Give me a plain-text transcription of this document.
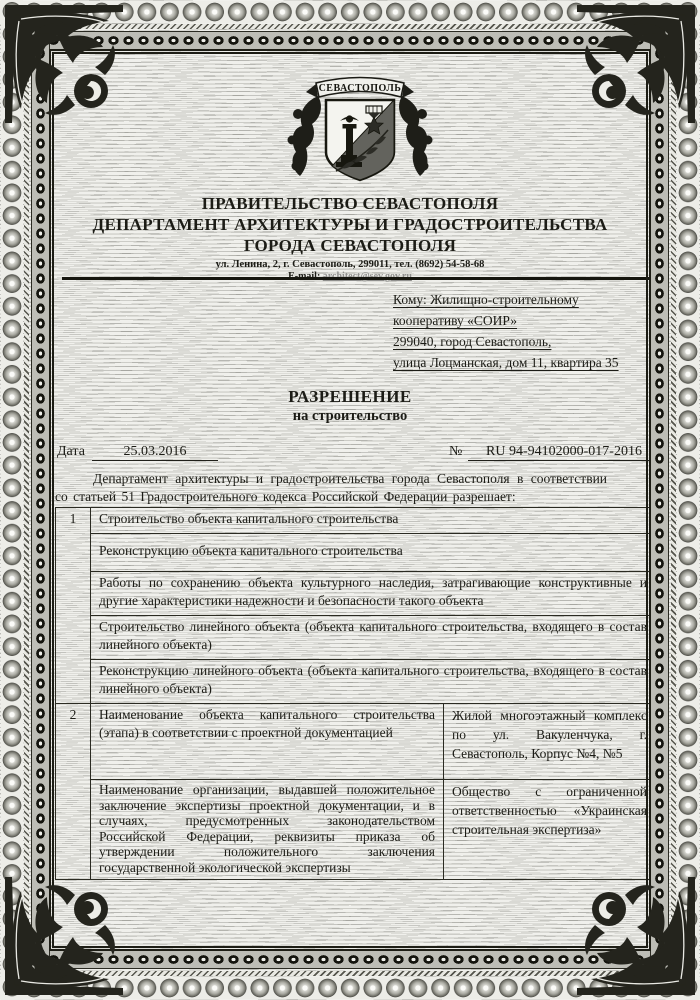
СЕВАСТОПОЛЬ
ПРАВИТЕЛЬСТВО СЕВАСТОПОЛЯ
ДЕПАРТАМЕНТ АРХИТЕКТУРЫ И ГРАДОСТРОИТЕЛЬСТВА
ГОРОДА СЕВАСТОПОЛЯ
ул. Ленина, 2, г. Севастополь, 299011, тел. (8692) 54-58-68
Кому: Жилищно-строительному
кооперативу «СОИР»
299040, город Севастополь,
улица Лоцманская, дом 11, квартира 35
РАЗРЕШЕНИЕ
на строительство
Дата	25.03.2016	№	RU 94-94102000-017-2016
Департамент архитектуры и градостроительства города Севастополя в соответствии
со статьей 51 Градостроительного кодекса Российской Федерации разрешает:
1	Строительство объекта капитального строительства	
	Реконструкцию объекта капитального строительства	
	Работы по сохранению объекта культурного наследия, затрагивающие конструктивные и другие характеристики надежности и безопасности такого объекта	
	Строительство линейного объекта (объекта капитального строительства, входящего в состав линейного объекта)	
	Реконструкцию линейного объекта (объекта капитального строительства, входящего в состав линейного объекта)	
2	Наименование объекта капитального строительства (этапа) в соответствии с проектной документацией	Жилой многоэтажный комплекс по ул. Вакуленчука, г. Севастополь, Корпус №4, №5
	Наименование организации, выдавшей положительное заключение экспертизы проектной документации, и в случаях, предусмотренных законодательством Российской Федерации, реквизиты приказа об утверждении положительного заключения государственной экологической экспертизы	Общество с ограниченной ответственностью «Украинская строительная экспертиза»
